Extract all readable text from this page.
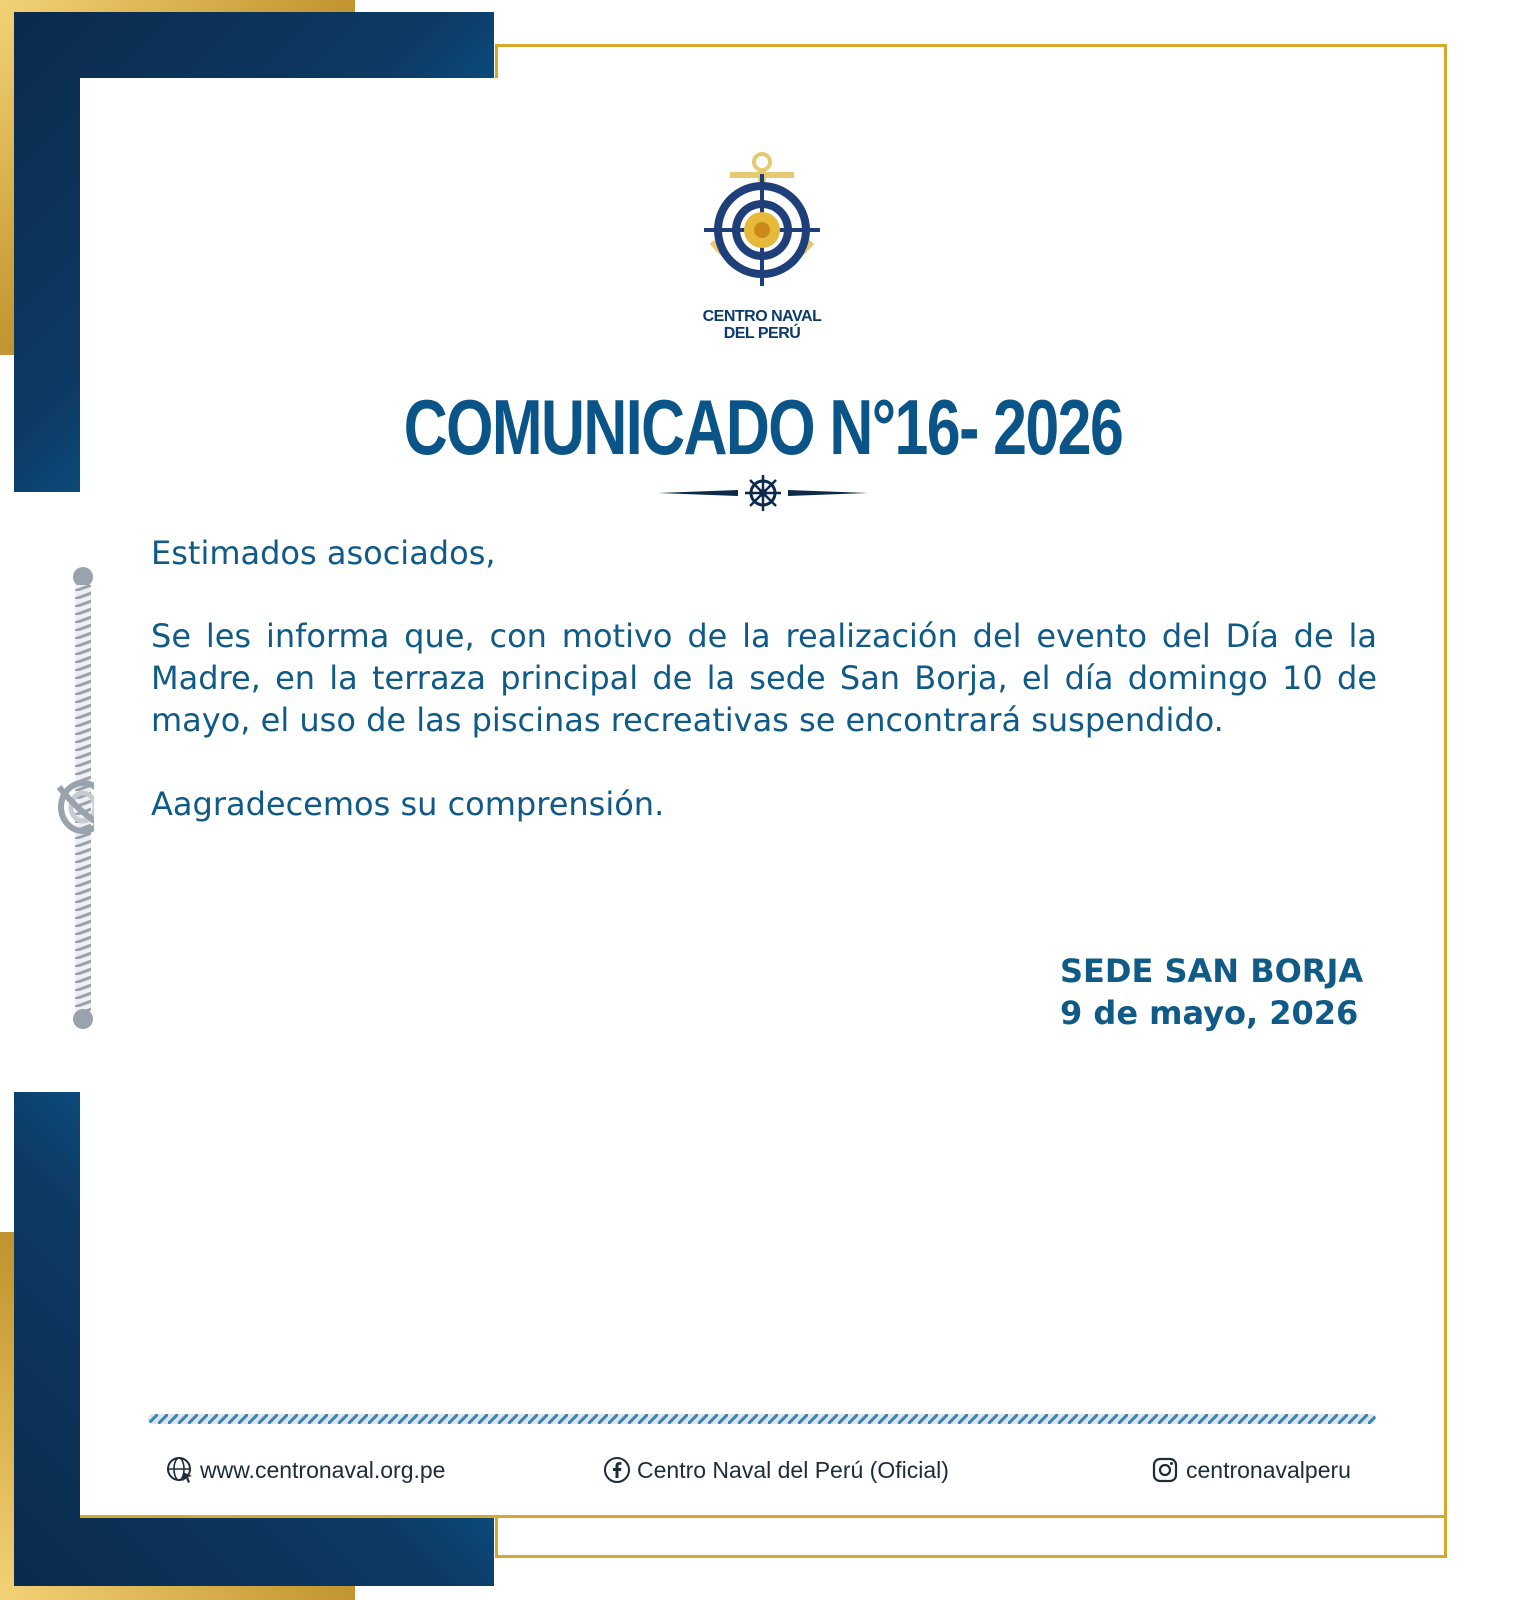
CENTRO NAVAL
DEL PERÚ
COMUNICADO N°16- 2026
Estimados asociados,
Se les informa que, con motivo de la realización del evento del Día de la Madre, en la terraza principal de la sede San Borja, el día domingo 10 de mayo, el uso de las piscinas recreativas se encontrará suspendido.
Aagradecemos su comprensión.
SEDE SAN BORJA
9 de mayo, 2026
www.centronaval.org.pe	Centro Naval del Perú (Oficial)	centronavalperu
